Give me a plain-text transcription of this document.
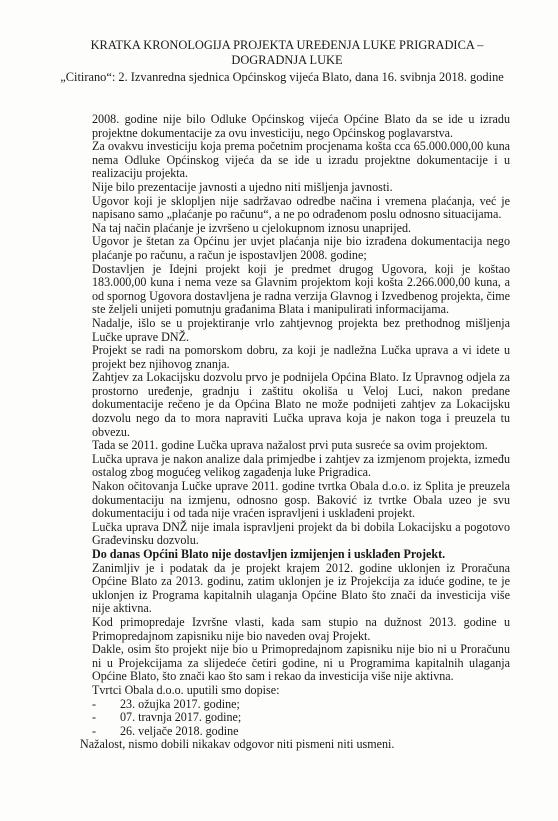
KRATKA KRONOLOGIJA PROJEKTA UREĐENJA LUKE PRIGRADICA – DOGRADNJA LUKE

„Citirano“: 2. Izvanredna sjednica Općinskog vijeća Blato, dana 16. svibnja 2018. godine

2008. godine nije bilo Odluke Općinskog vijeća Općine Blato da se ide u izradu projektne dokumentacije za ovu investiciju, nego Općinskog poglavarstva.

Za ovakvu investiciju koja prema početnim procjenama košta cca 65.000.000,00 kuna nema Odluke Općinskog vijeća da se ide u izradu projektne dokumentacije i u realizaciju projekta.

Nije bilo prezentacije javnosti a ujedno niti mišljenja javnosti.

Ugovor koji je sklopljen nije sadržavao odredbe načina i vremena plaćanja, već je napisano samo „plaćanje po računu“, a ne po odrađenom poslu odnosno situacijama.

Na taj način plaćanje je izvršeno u cjelokupnom iznosu unaprijed.

Ugovor je štetan za Općinu jer uvjet plaćanja nije bio izrađena dokumentacija nego plaćanje po računu, a račun je ispostavljen 2008. godine;

Dostavljen je Idejni projekt koji je predmet drugog Ugovora, koji je koštao 183.000,00 kuna i nema veze sa Glavnim projektom koji košta 2.266.000,00 kuna, a od spornog Ugovora dostavljena je radna verzija Glavnog i Izvedbenog projekta, čime ste željeli unijeti pomutnju građanima Blata i manipulirati informacijama.

Nadalje, išlo se u projektiranje vrlo zahtjevnog projekta bez prethodnog mišljenja Lučke uprave DNŽ.

Projekt se radi na pomorskom dobru, za koji je nadležna Lučka uprava a vi idete u projekt bez njihovog znanja.

Zahtjev za Lokacijsku dozvolu prvo je podnijela Općina Blato. Iz Upravnog odjela za prostorno uređenje, gradnju i zaštitu okoliša u Veloj Luci, nakon predane dokumentacije rečeno je da Općina Blato ne može podnijeti zahtjev za Lokacijsku dozvolu nego da to mora napraviti Lučka uprava koja je nakon toga i preuzela tu obvezu.

Tada se 2011. godine Lučka uprava nažalost prvi puta susreće sa ovim projektom.

Lučka uprava je nakon analize dala primjedbe i zahtjev za izmjenom projekta, između ostalog zbog mogućeg velikog zagađenja luke Prigradica.

Nakon očitovanja Lučke uprave 2011. godine tvrtka Obala d.o.o. iz Splita je preuzela dokumentaciju na izmjenu, odnosno gosp. Baković iz tvrtke Obala uzeo je svu dokumentaciju i od tada nije vraćen ispravljeni i usklađeni projekt.

Lučka uprava DNŽ nije imala ispravljeni projekt da bi dobila Lokacijsku a pogotovo Građevinsku dozvolu.

Do danas Općini Blato nije dostavljen izmijenjen i usklađen Projekt.

Zanimljiv je i podatak da je projekt krajem 2012. godine uklonjen iz Proračuna Općine Blato za 2013. godinu, zatim uklonjen je iz Projekcija za iduće godine, te je uklonjen iz Programa kapitalnih ulaganja Općine Blato što znači da investicija više nije aktivna.

Kod primopredaje Izvršne vlasti, kada sam stupio na dužnost 2013. godine u Primopredajnom zapisniku nije bio naveden ovaj Projekt.

Dakle, osim što projekt nije bio u Primopredajnom zapisniku nije bio ni u Proračunu ni u Projekcijama za slijedeće četiri godine, ni u Programima kapitalnih ulaganja Općine Blato, što znači kao što sam i rekao da investicija više nije aktivna.

Tvrtci Obala d.o.o. uputili smo dopise:

- 23. ožujka 2017. godine;
- 07. travnja 2017. godine;
- 26. veljače 2018. godine

Nažalost, nismo dobili nikakav odgovor niti pismeni niti usmeni.
